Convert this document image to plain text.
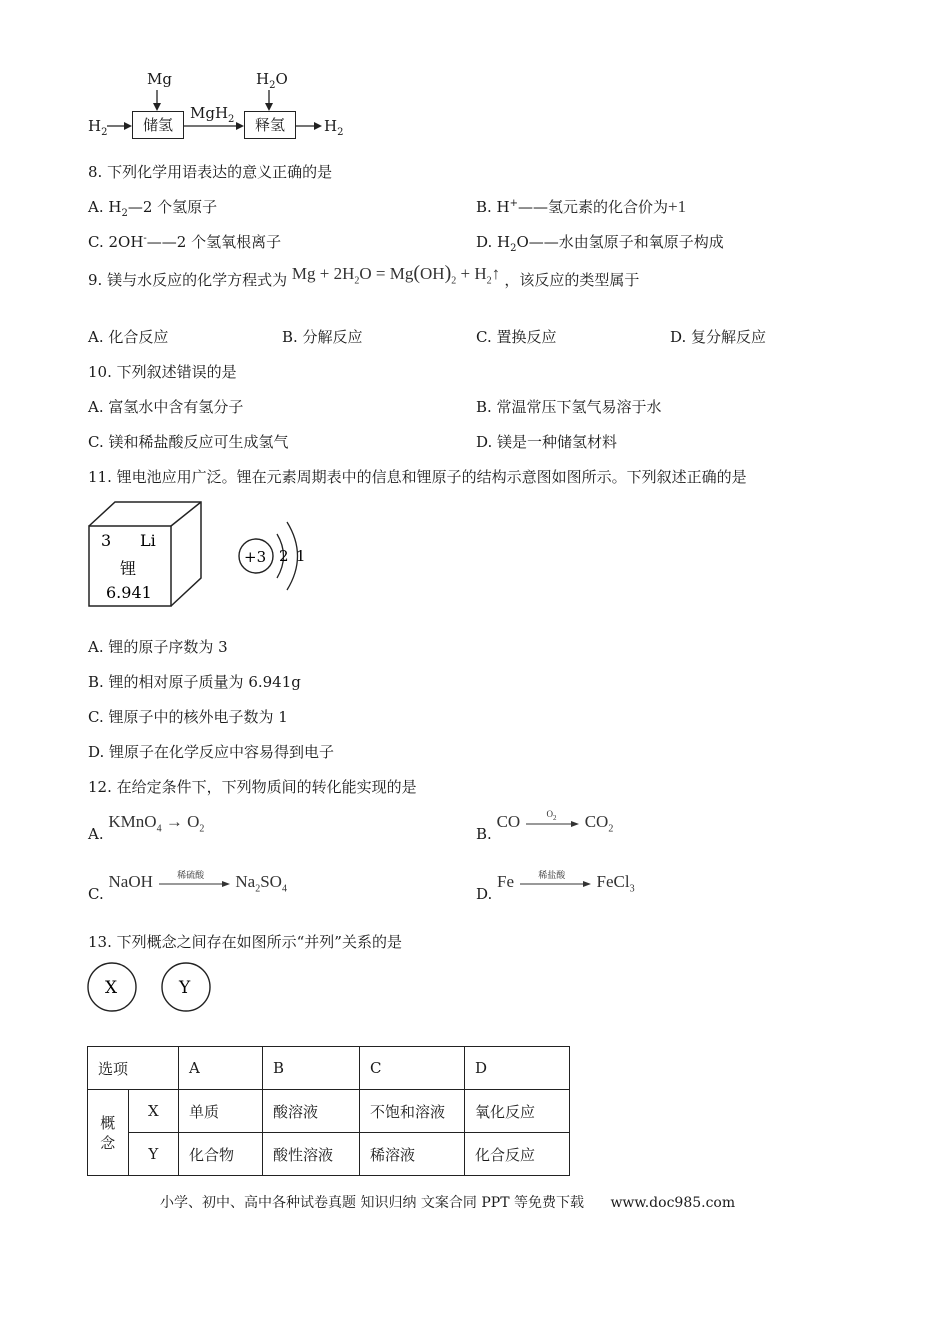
$H_2$
Mg
储氢
MgH$_2$
$H_2O$
释氢	$H_2$
8. 下列化学用语表达的意义正确的是
A. $H_2—2$ 个氢原子	B. H+——氢元素的化合价为+1
C. 2OH-——2 个氢氧根离子	D. $H_2O——$水由氢原子和氧原子构成
9. 镁与水反应的化学方程式为 $Mg + 2H_2O = Mg(OH)_2$ + $H_2↑$ ，该反应的类型属于
A. 化合反应	B. 分解反应	C. 置换反应	D. 复分解反应
10. 下列叙述错误的是
A. 富氢水中含有氢分子	B. 常温常压下氢气易溶于水
C. 镁和稀盐酸反应可生成氢气	D. 镁是一种储氢材料
11. 锂电池应用广泛。锂在元素周期表中的信息和锂原子的结构示意图如图所示。下列叙述正确的是
3 Li
锂
6.941
+3 2 1
A. 锂的原子序数为 3
B. 锂的相对原子质量为 6.941g
C. 锂原子中的核外电子数为 1
D. 锂原子在化学反应中容易得到电子
12. 在给定条件下，下列物质间的转化能实现的是
A. KMnO$_4$ → $O_2$	B. CO	$O_2$ $CO_2$
C. NaOH	稀硫酸 $Na_2SO_4$	D. Fe	稀盐酸 FeCl$_3$
13. 下列概念之间存在如图所示“并列”关系的是
X	Y
选项		A	B	C	D
概念	X	单质	酸溶液	不饱和溶液	氧化反应
	Y	化合物	酸性溶液	稀溶液	化合反应
小学、初中、高中各种试卷真题 知识归纳 文案合同 PPT 等免费下载 www.doc985.com
